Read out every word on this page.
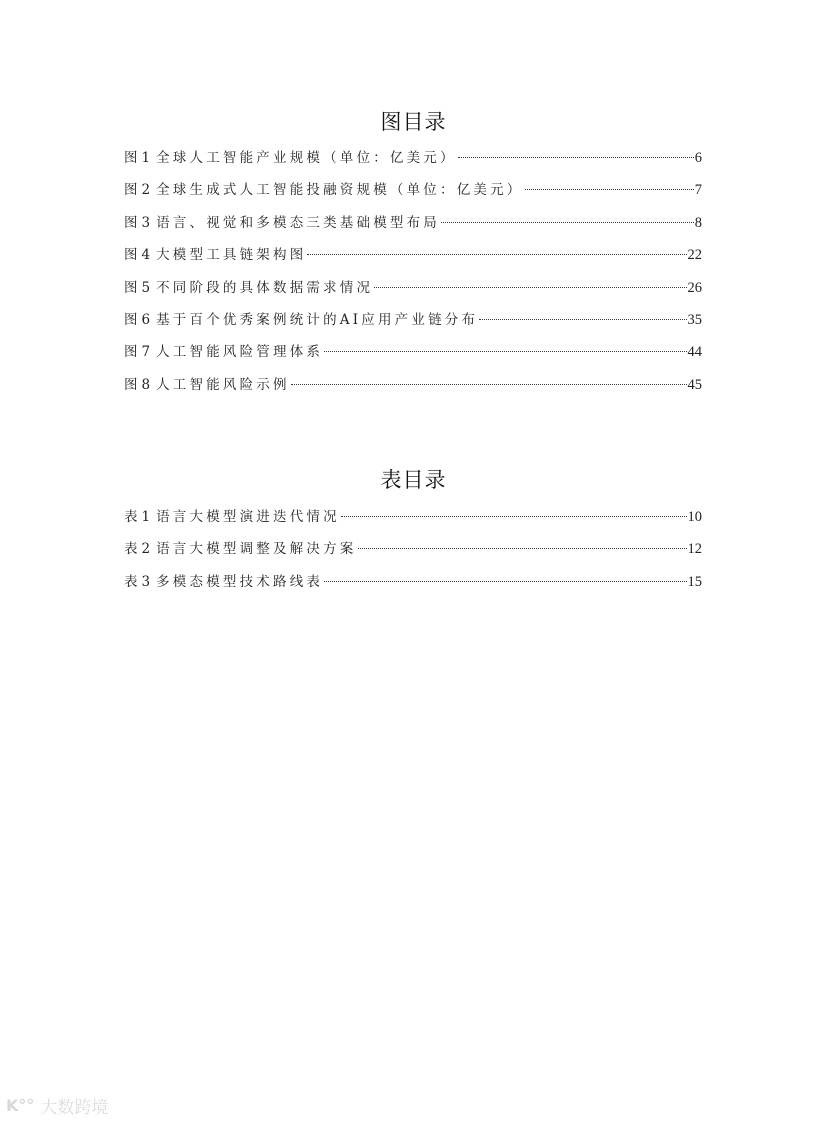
图目录
图 1 全球人工智能产业规模（单位：亿美元）	6
图 2 全球生成式人工智能投融资规模（单位：亿美元）	7
图 3 语言、视觉和多模态三类基础模型布局	8
图 4 大模型工具链架构图	22
图 5 不同阶段的具体数据需求情况	26
图 6 基于百个优秀案例统计的AI应用产业链分布	35
图 7 人工智能风险管理体系	44
图 8 人工智能风险示例	45
表目录
表 1 语言大模型演进迭代情况	10
表 2 语言大模型调整及解决方案	12
表 3 多模态模型技术路线表	15
K°° 大数跨境
